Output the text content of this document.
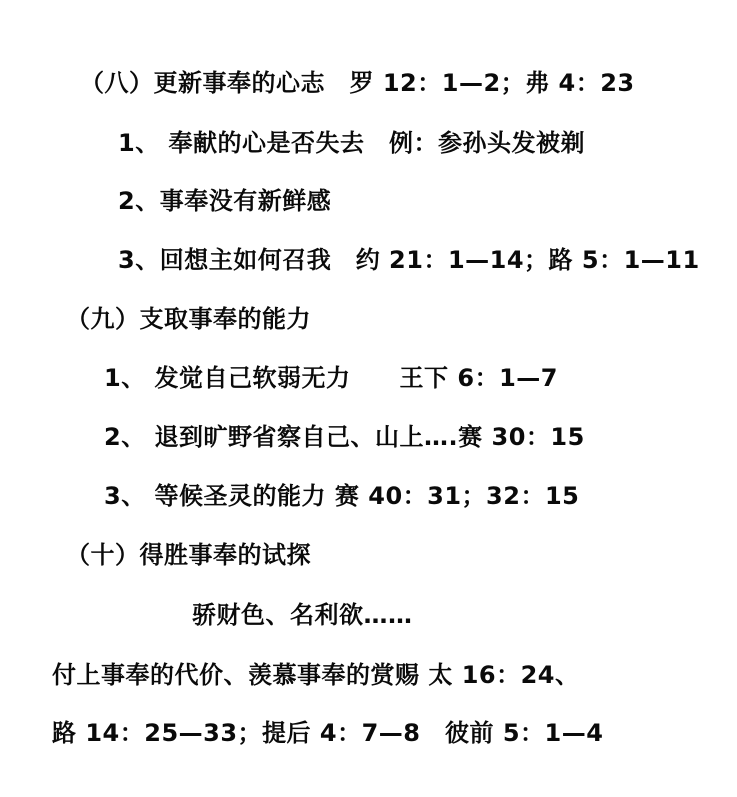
（八）更新事奉的心志　罗 12：1—2；弗 4：23
1、 奉献的心是否失去　例：参孙头发被剃
2、事奉没有新鲜感
3、回想主如何召我　约 21：1—14；路 5：1—11
（九）支取事奉的能力
1、 发觉自己软弱无力　　王下 6：1—7
2、 退到旷野省察自己、山上….赛 30：15
3、 等候圣灵的能力 赛 40：31；32：15
（十）得胜事奉的试探
骄财色、名利欲……
付上事奉的代价、羡慕事奉的赏赐 太 16：24、
路 14：25—33；提后 4：7—8　彼前 5：1—4
